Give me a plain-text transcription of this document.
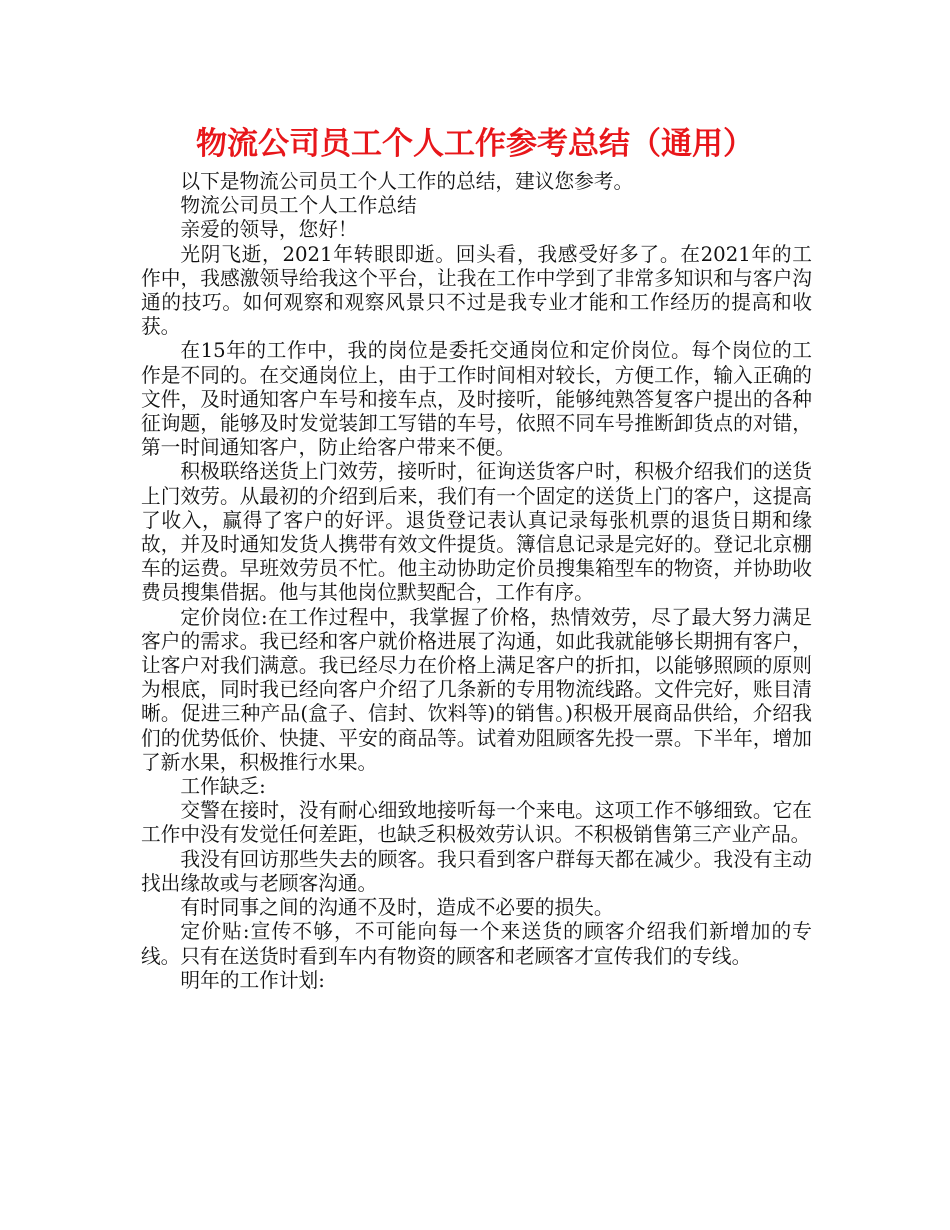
物流公司员工个人工作参考总结（通用）

以下是物流公司员工个人工作的总结，建议您参考。

物流公司员工个人工作总结

亲爱的领导，您好！

光阴飞逝，2021年转眼即逝。回头看，我感受好多了。在2021年的工作中，我感激领导给我这个平台，让我在工作中学到了非常多知识和与客户沟通的技巧。如何观察和观察风景只不过是我专业才能和工作经历的提高和收获。

在15年的工作中，我的岗位是委托交通岗位和定价岗位。每个岗位的工作是不同的。在交通岗位上，由于工作时间相对较长，方便工作，输入正确的文件，及时通知客户车号和接车点，及时接听，能够纯熟答复客户提出的各种征询题，能够及时发觉装卸工写错的车号，依照不同车号推断卸货点的对错，第一时间通知客户，防止给客户带来不便。

积极联络送货上门效劳，接听时，征询送货客户时，积极介绍我们的送货上门效劳。从最初的介绍到后来，我们有一个固定的送货上门的客户，这提高了收入，赢得了客户的好评。退货登记表认真记录每张机票的退货日期和缘故，并及时通知发货人携带有效文件提货。簿信息记录是完好的。登记北京棚车的运费。早班效劳员不忙。他主动协助定价员搜集箱型车的物资，并协助收费员搜集借据。他与其他岗位默契配合，工作有序。

定价岗位:在工作过程中，我掌握了价格，热情效劳，尽了最大努力满足客户的需求。我已经和客户就价格进展了沟通，如此我就能够长期拥有客户，让客户对我们满意。我已经尽力在价格上满足客户的折扣，以能够照顾的原则为根底，同时我已经向客户介绍了几条新的专用物流线路。文件完好，账目清晰。促进三种产品(盒子、信封、饮料等)的销售。)积极开展商品供给，介绍我们的优势低价、快捷、平安的商品等。试着劝阻顾客先投一票。下半年，增加了新水果，积极推行水果。

工作缺乏:

交警在接时，没有耐心细致地接听每一个来电。这项工作不够细致。它在工作中没有发觉任何差距，也缺乏积极效劳认识。不积极销售第三产业产品。

我没有回访那些失去的顾客。我只看到客户群每天都在减少。我没有主动找出缘故或与老顾客沟通。

有时同事之间的沟通不及时，造成不必要的损失。

定价贴:宣传不够，不可能向每一个来送货的顾客介绍我们新增加的专线。只有在送货时看到车内有物资的顾客和老顾客才宣传我们的专线。

明年的工作计划:
